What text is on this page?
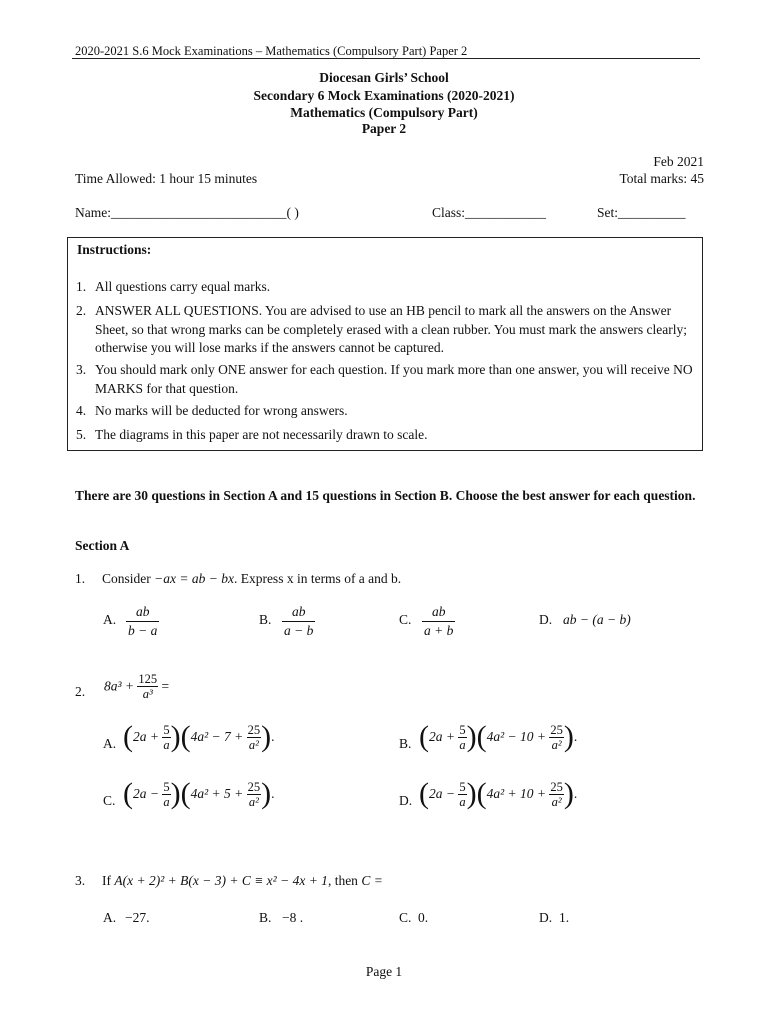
2020-2021 S.6 Mock Examinations – Mathematics (Compulsory Part) Paper 2
Diocesan Girls’ School
Secondary 6 Mock Examinations (2020-2021)
Mathematics (Compulsory Part)
Paper 2
Feb 2021
Time Allowed: 1 hour 15 minutes	Total marks: 45
Name:__________________________( )	Class:____________	Set:__________
Instructions:
1. All questions carry equal marks.
2. ANSWER ALL QUESTIONS. You are advised to use an HB pencil to mark all the answers on the Answer Sheet, so that wrong marks can be completely erased with a clean rubber. You must mark the answers clearly; otherwise you will lose marks if the answers cannot be captured.
3. You should mark only ONE answer for each question. If you mark more than one answer, you will receive NO MARKS for that question.
4. No marks will be deducted for wrong answers.
5. The diagrams in this paper are not necessarily drawn to scale.
There are 30 questions in Section A and 15 questions in Section B. Choose the best answer for each question.
Section A
1. Consider −ax = ab − bx. Express x in terms of a and b.
A. $\frac{ab}{b - a}$	B. $\frac{ab}{a - b}$	C. $\frac{ab}{a + b}$	D. ab − (a − b)
2. $8a^3 + \frac{125}{\text{a³}}$ =
A. $(2a + \frac{5}{a} )(4a^2 - 7 + \frac{25}{\text{a²}}$ ).	B. $(2a + \frac{5}{a} )(4a^2 - 10 + \frac{25}{\text{a²}}$ ).
C. $(2a - \frac{5}{a} )(4a^2 + 5 + \frac{25}{\text{a²}}$ ).	D. $(2a - \frac{5}{a} )(4a^2 + 10 + \frac{25}{\text{a²}}$ ).
3. If A(x + 2)² + B(x − 3) + C ≡ x² − 4x + 1, then C =
A. −27.	B. −8 .	C. 0.	D. 1.
Page 1
